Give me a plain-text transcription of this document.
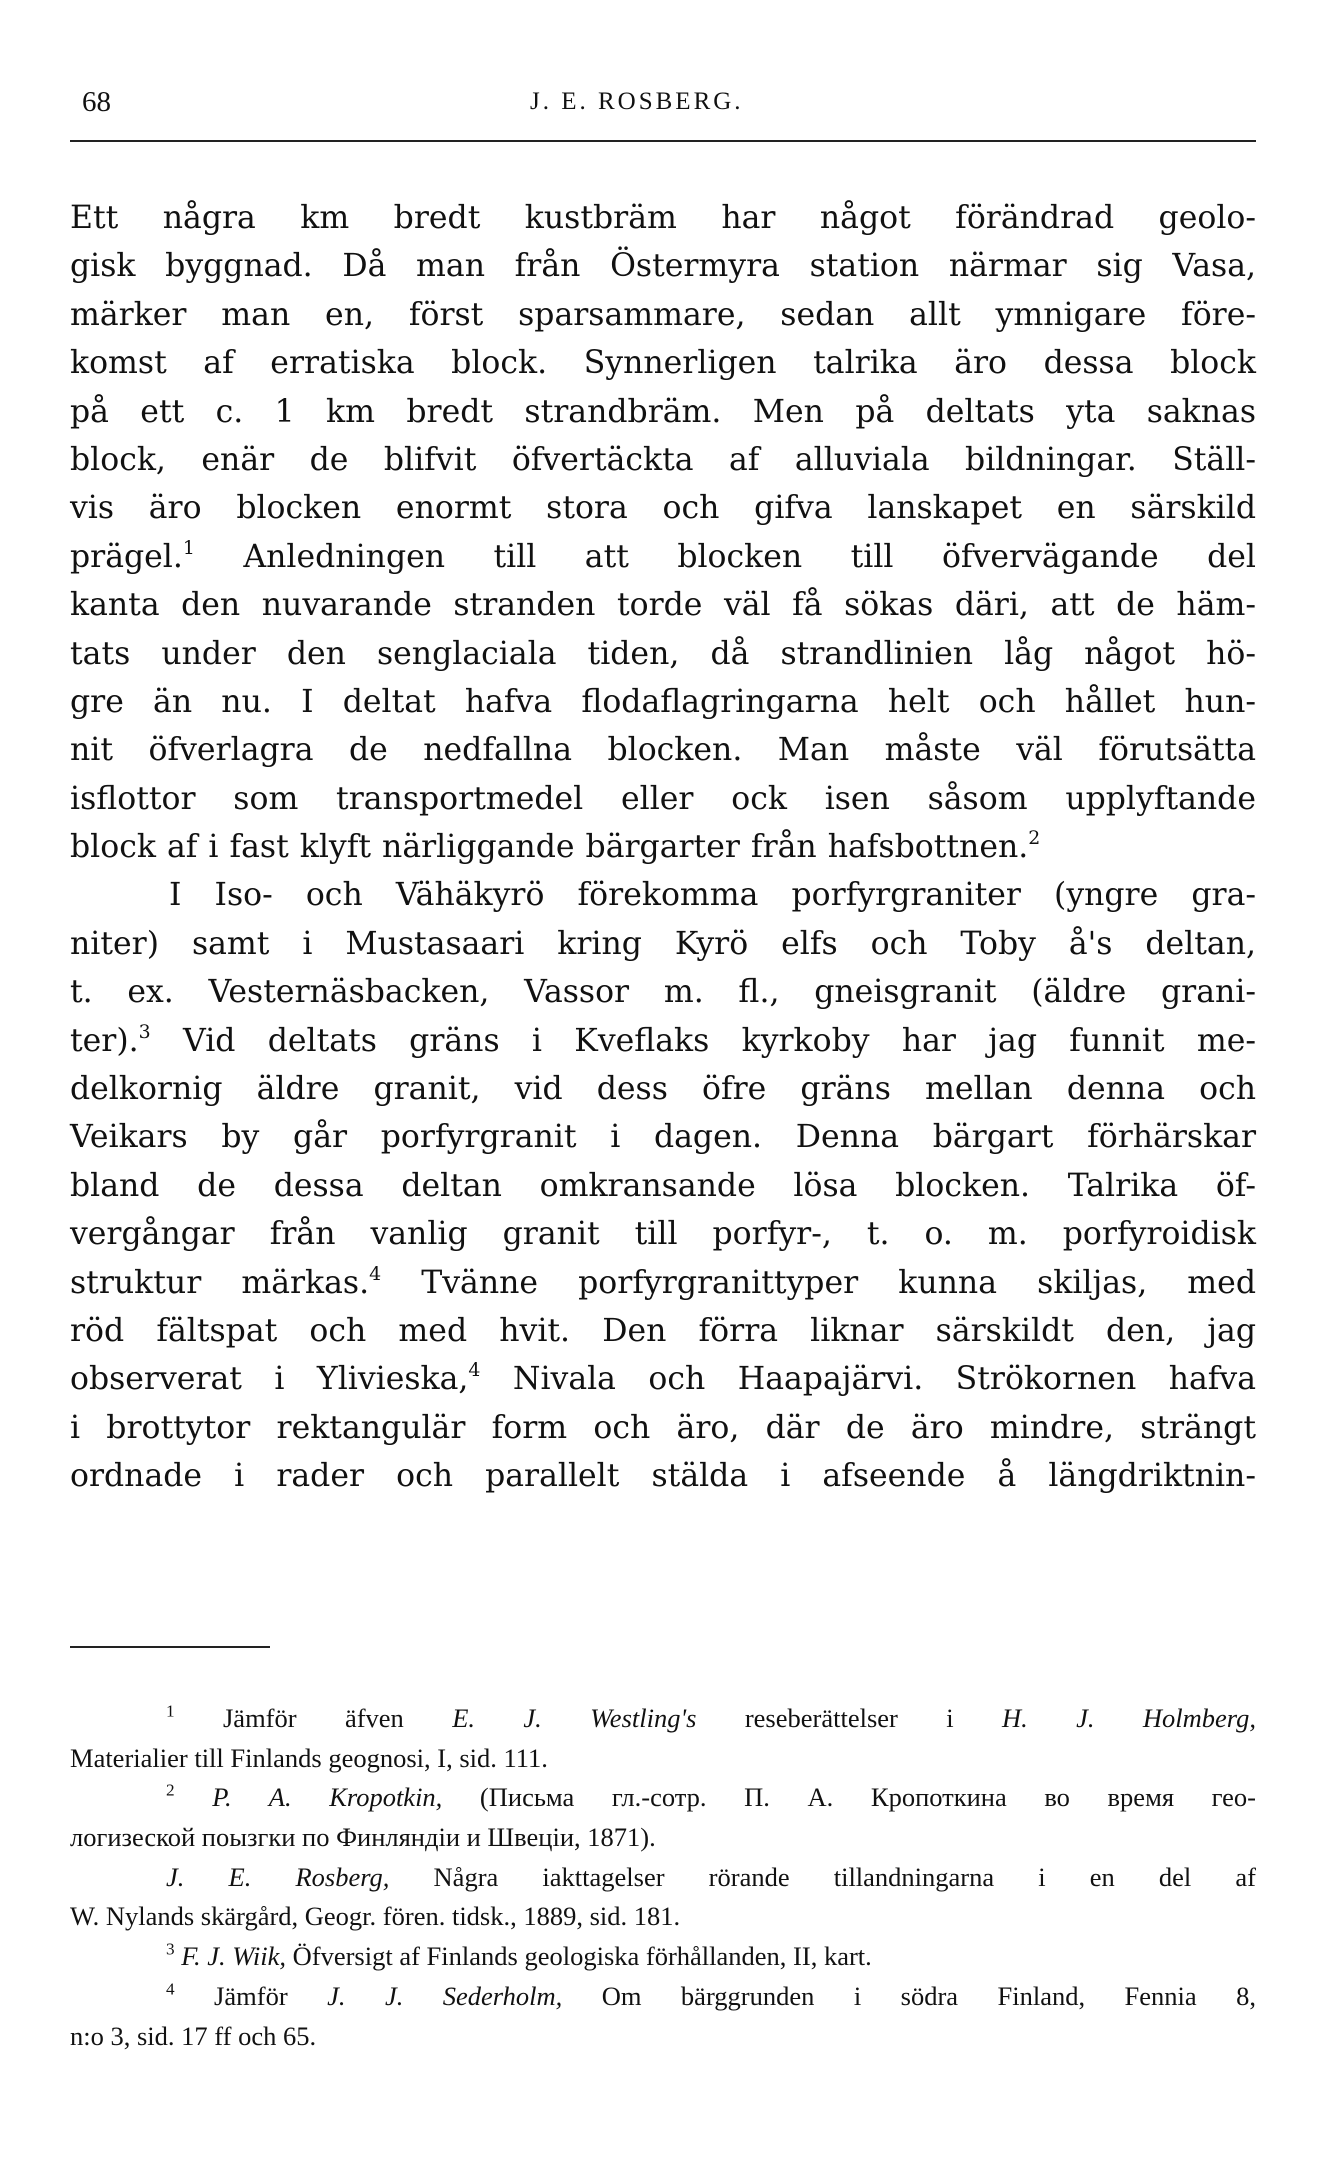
68	J. E. ROSBERG.
Ett några km bredt kustbräm har något förändrad geolo-
gisk byggnad. Då man från Östermyra station närmar sig Vasa,
märker man en, först sparsammare, sedan allt ymnigare före-
komst af erratiska block. Synnerligen talrika äro dessa block
på ett c. 1 km bredt strandbräm. Men på deltats yta saknas
block, enär de blifvit öfvertäckta af alluviala bildningar. Ställ-
vis äro blocken enormt stora och gifva lanskapet en särskild
prägel.$^1$ Anledningen till att blocken till öfvervägande del
kanta den nuvarande stranden torde väl få sökas däri, att de häm-
tats under den senglaciala tiden, då strandlinien låg något hö-
gre än nu. I deltat hafva flodaflagringarna helt och hållet hun-
nit öfverlagra de nedfallna blocken. Man måste väl förutsätta
isflottor som transportmedel eller ock isen såsom upplyftande
block af i fast klyft närliggande bärgarter från hafsbottnen.$^2$
I Iso- och Vähäkyrö förekomma porfyrgraniter (yngre gra-
niter) samt i Mustasaari kring Kyrö elfs och Toby å's deltan,
t. ex. Vesternäsbacken, Vassor m. fl., gneisgranit (äldre grani-
ter).$^3$ Vid deltats gräns i Kveflaks kyrkoby har jag funnit me-
delkornig äldre granit, vid dess öfre gräns mellan denna och
Veikars by går porfyrgranit i dagen. Denna bärgart förhärskar
bland de dessa deltan omkransande lösa blocken. Talrika öf-
vergångar från vanlig granit till porfyr-, t. o. m. porfyroidisk
struktur märkas.$^4$ Tvänne porfyrgranittyper kunna skiljas, med
röd fältspat och med hvit. Den förra liknar särskildt den, jag
observerat i Ylivieska,$^4$ Nivala och Haapajärvi. Strökornen hafva
i brottytor rektangulär form och äro, där de äro mindre, strängt
ordnade i rader och parallelt stälda i afseende å längdriktnin-
$^1$ Jämför äfven E. J. Westling's reseberättelser i H. J. Holmberg,
Materialier till Finlands geognosi, I, sid. 111.
$^2$ P. A. Kropotkin, (Письма гл.-сотр. П. А. Кропоткина во время гео-
логизеской поызгки по Финляндіи и Швеціи, 1871).
J. E. Rosberg, Några iakttagelser rörande tillandningarna i en del af
W. Nylands skärgård, Geogr. fören. tidsk., 1889, sid. 181.
$^3$ F. J. Wiik, Öfversigt af Finlands geologiska förhållanden, II, kart.
$^4$ Jämför J. J. Sederholm, Om bärggrunden i södra Finland, Fennia 8,
n:o 3, sid. 17 ff och 65.
